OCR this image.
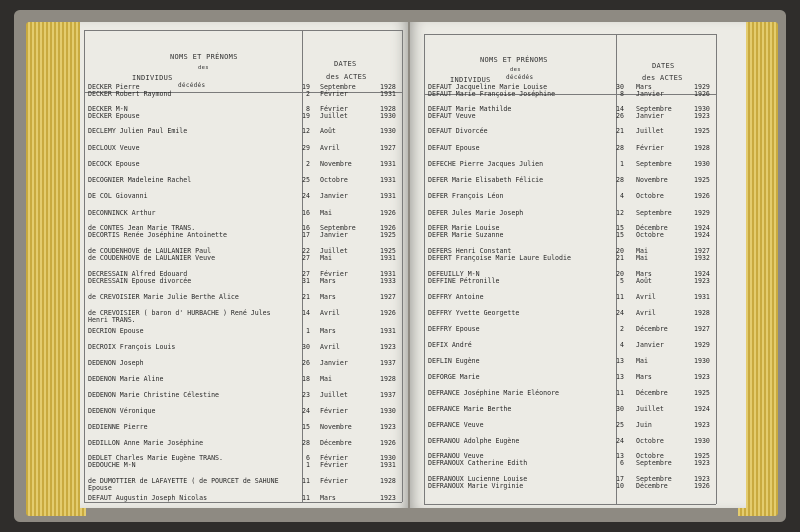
NOMS ET PRÉNOMS
des
INDIVIDUS
décédés
DATES
des ACTES
DECKER Pierre	19 Septembre	1928
DECKER Robert Raymond	2 Février	1931
DECKER M-N	8 Février	1928
DECKER Epouse	19 Juillet	1930
DECLEMY Julien Paul Emile	12 Août	1930
DECLOUX Veuve	29 Avril	1927
DECOCK Epouse	2 Novembre	1931
DECOGNIER Madeleine Rachel	25 Octobre	1931
DE COL Giovanni	24 Janvier	1931
DECONNINCK Arthur	16 Mai	1926
de CONTES Jean Marie TRANS.	16 Septembre	1926
DECORTIS Renée Joséphine Antoinette	17 Janvier	1925
de COUDENHOVE de LAULANIER Paul	22 Juillet	1925
de COUDENHOVE de LAULANIER Veuve	27 Mai	1931
DECRESSAIN Alfred Edouard	27 Février	1931
DECRESSAIN Epouse divorcée	31 Mars	1933
de CREVOISIER Marie Julie Berthe Alice	21 Mars	1927
de CREVOISIER ( baron d' HURBACHE ) René Jules	14 Avril	1926
Henri TRANS.
DECRION Epouse	1 Mars	1931
DECROIX François Louis	30 Avril	1923
DEDENON Joseph	26 Janvier	1937
DEDENON Marie Aline	18 Mai	1928
DEDENON Marie Christine Célestine	23 Juillet	1937
DEDENON Véronique	24 Février	1930
DEDIENNE Pierre	15 Novembre	1923
DEDILLON Anne Marie Joséphine	28 Décembre	1926
DEDLET Charles Marie Eugène TRANS.	6 Février	1930
DEDOUCHE M-N	1 Février	1931
de DUMOTTIER de LAFAYETTE ( de POURCET de SAHUNE	11 Février	1928
Epouse
DEFAUT Augustin Joseph Nicolas	11 Mars	1923
NOMS ET PRÉNOMS
des
INDIVIDUS	décédés
DATES
des ACTES
DEFAUT Jacqueline Marie Louise	30 Mars	1929
DEFAUT Marie Françoise Joséphine	8 Janvier	1926
DEFAUT Marie Mathilde	14 Septembre	1930
DEFAUT Veuve	26 Janvier	1923
DEFAUT Divorcée	21 Juillet	1925
DEFAUT Epouse	28 Février	1928
DEFECHE Pierre Jacques Julien	1 Septembre	1930
DEFER Marie Elisabeth Félicie	28 Novembre	1925
DEFER François Léon	4 Octobre	1926
DEFER Jules Marie Joseph	12 Septembre	1929
DEFER Marie Louise	15 Décembre	1924
DEFER Marie Suzanne	15 Octobre	1924
DEFERS Henri Constant	20 Mai	1927
DEFERT Françoise Marie Laure Eulodie	21 Mai	1932
DEFEUILLY M-N	20 Mars	1924
DEFFINE Pétronille	5 Août	1923
DEFFRY Antoine	11 Avril	1931
DEFFRY Yvette Georgette	24 Avril	1928
DEFFRY Epouse	2 Décembre	1927
DEFIX André	4 Janvier	1929
DEFLIN Eugène	13 Mai	1930
DEFORGE Marie	13 Mars	1923
DEFRANCE Joséphine Marie Eléonore	11 Décembre	1925
DEFRANCE Marie Berthe	30 Juillet	1924
DEFRANCE Veuve	25 Juin	1923
DEFRANOU Adolphe Eugène	24 Octobre	1930
DEFRANOU Veuve	13 Octobre	1925
DEFRANOUX Catherine Edith	6 Septembre	1923
DEFRANOUX Lucienne Louise	17 Septembre	1923
DEFRANOUX Marie Virginie	10 Décembre	1926
